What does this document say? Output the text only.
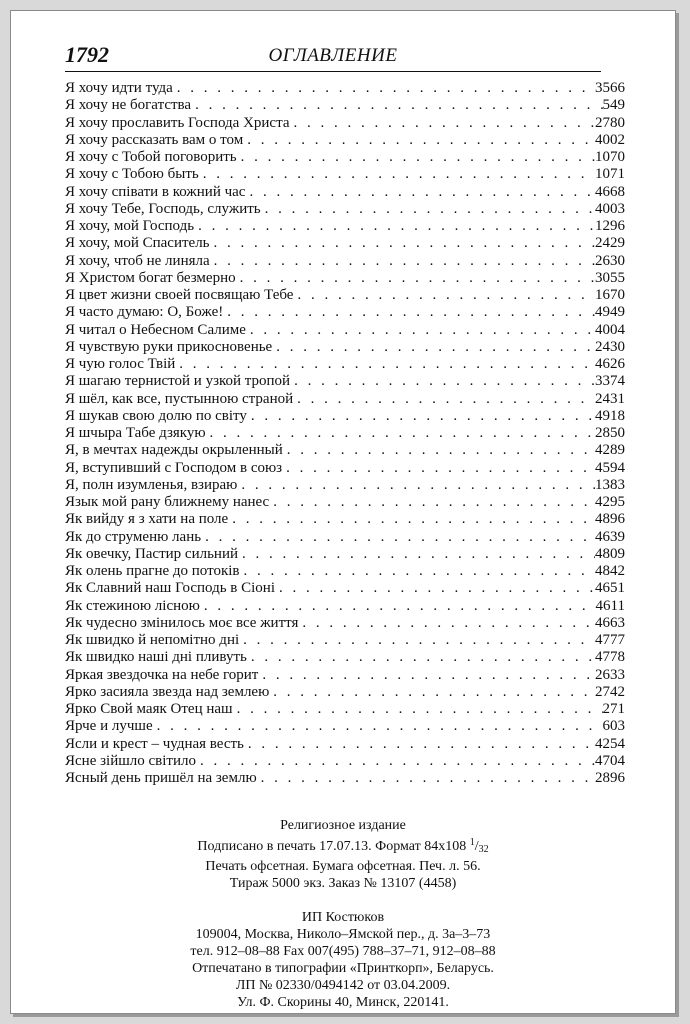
1792	ОГЛАВЛЕНИЕ
Я хочу идти туда . . .	3566
Я хочу не богатства . . .	549
Я хочу прославить Господа Христа . . .	2780
Я хочу рассказать вам о том . . .	4002
Я хочу с Тобой поговорить . . .	1070
Я хочу с Тобою быть . . .	1071
Я хочу співати в кожний час . . .	4668
Я хочу Тебе, Господь, служить . . .	4003
Я хочу, мой Господь . . .	1296
Я хочу, мой Спаситель . . .	2429
Я хочу, чтоб не линяла . . .	2630
Я Христом богат безмерно . . .	3055
Я цвет жизни своей посвящаю Тебе . . .	1670
Я часто думаю: О, Боже! . . .	4949
Я читал о Небесном Салиме . . .	4004
Я чувствую руки прикосновенье . . .	2430
Я чую голос Твій . . .	4626
Я шагаю тернистой и узкой тропой . . .	3374
Я шёл, как все, пустынною страной . . .	2431
Я шукав свою долю по світу . . .	4918
Я шчыра Табе дзякую . . .	2850
Я, в мечтах надежды окрыленный . . .	4289
Я, вступивший с Господом в союз . . .	4594
Я, полн изумленья, взираю . . .	1383
Язык мой рану ближнему нанес . . .	4295
Як вийду я з хати на поле . . .	4896
Як до струменю лань . . .	4639
Як овечку, Пастир сильний . . .	4809
Як олень прагне до потоків . . .	4842
Як Славний наш Господь в Сіоні . . .	4651
Як стежиною лісною . . .	4611
Як чудесно змінилось моє все життя . . .	4663
Як швидко й непомітно дні . . .	4777
Як швидко наші дні пливуть . . .	4778
Яркая звездочка на небе горит . . .	2633
Ярко засияла звезда над землею . . .	2742
Ярко Свой маяк Отец наш . . .	271
Ярче и лучше . . .	603
Ясли и крест – чудная весть . . .	4254
Ясне зійшло світило . . .	4704
Ясный день пришёл на землю . . .	2896
Религиозное издание
Подписано в печать 17.07.13. Формат 84x108 $^1/_{32}$
Печать офсетная. Бумага офсетная. Печ. л. 56.
Тираж 5000 экз. Заказ № 13107 (4458)
ИП Костюков
109004, Москва, Николо–Ямской пер., д. 3а–3–73
тел. 912–08–88 Fax 007(495) 788–37–71, 912–08–88
Отпечатано в типографии «Принткорп», Беларусь.
ЛП № 02330/0494142 от 03.04.2009.
Ул. Ф. Скорины 40, Минск, 220141.
